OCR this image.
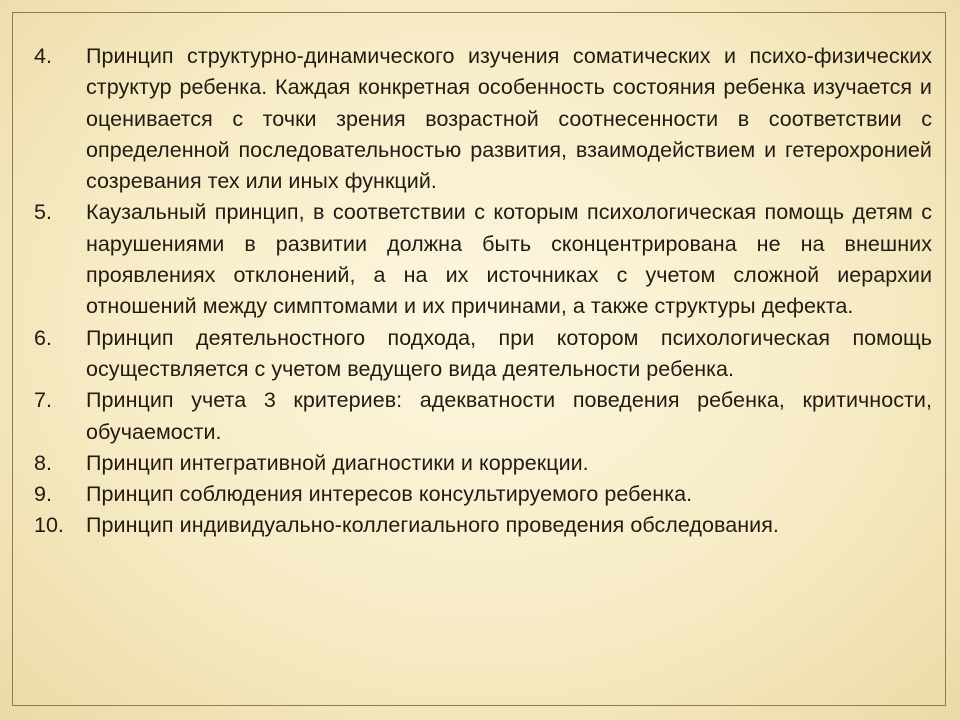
4.	Принцип структурно-динамического изучения соматических и психо-физических структур ребенка. Каждая конкретная особенность состояния ребенка изучается и оценивается с точки зрения возрастной соотнесенности в соответствии с определенной последовательностью развития, взаимодействием и гетерохронией созревания тех или иных функций.
5.	Каузальный принцип, в соответствии с которым психологическая помощь детям с нарушениями в развитии должна быть сконцентрирована не на внешних проявлениях отклонений, а на их источниках с учетом сложной иерархии отношений между симптомами и их причинами, а также структуры дефекта.
6.	Принцип деятельностного подхода, при котором психологическая помощь осуществляется с учетом ведущего вида деятельности ребенка.
7.	Принцип учета 3 критериев: адекватности поведения ребенка, критичности, обучаемости.
8.	Принцип интегративной диагностики и коррекции.
9.	Принцип соблюдения интересов консультируемого ребенка.
10.	Принцип индивидуально-коллегиального проведения обследования.
